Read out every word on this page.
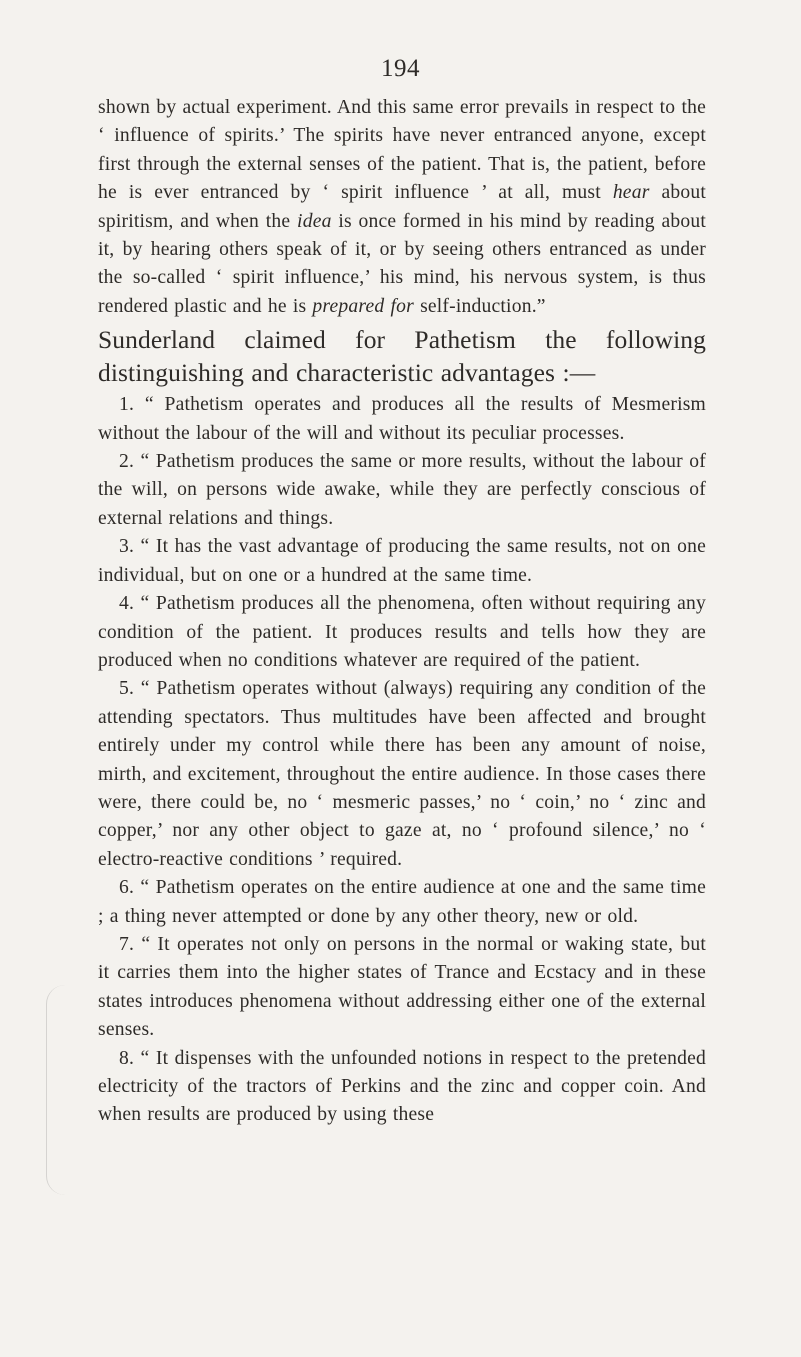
194

shown by actual experiment. And this same error prevails in respect to the ‘ influence of spirits.’ The spirits have never entranced anyone, except first through the external senses of the patient. That is, the patient, before he is ever entranced by ‘ spirit influence ’ at all, must hear about spiritism, and when the idea is once formed in his mind by reading about it, by hearing others speak of it, or by seeing others entranced as under the so-called ‘ spirit influence,’ his mind, his nervous system, is thus rendered plastic and he is prepared for self-induction.”

Sunderland claimed for Pathetism the following
distinguishing and characteristic advantages :—

1. “ Pathetism operates and produces all the results of Mesmerism without the labour of the will and without its peculiar processes.

2. “ Pathetism produces the same or more results, without the labour of the will, on persons wide awake, while they are perfectly conscious of external relations and things.

3. “ It has the vast advantage of producing the same results, not on one individual, but on one or a hundred at the same time.

4. “ Pathetism produces all the phenomena, often without requiring any condition of the patient. It produces results and tells how they are produced when no conditions whatever are required of the patient.

5. “ Pathetism operates without (always) requiring any condition of the attending spectators. Thus multitudes have been affected and brought entirely under my control while there has been any amount of noise, mirth, and excitement, throughout the entire audience. In those cases there were, there could be, no ‘ mesmeric passes,’ no ‘ coin,’ no ‘ zinc and copper,’ nor any other object to gaze at, no ‘ profound silence,’ no ‘ electro-reactive conditions ’ required.

6. “ Pathetism operates on the entire audience at one and the same time ; a thing never attempted or done by any other theory, new or old.

7. “ It operates not only on persons in the normal or waking state, but it carries them into the higher states of Trance and Ecstacy and in these states introduces phenomena without addressing either one of the external senses.

8. “ It dispenses with the unfounded notions in respect to the pretended electricity of the tractors of Perkins and the zinc and copper coin. And when results are produced by using these
